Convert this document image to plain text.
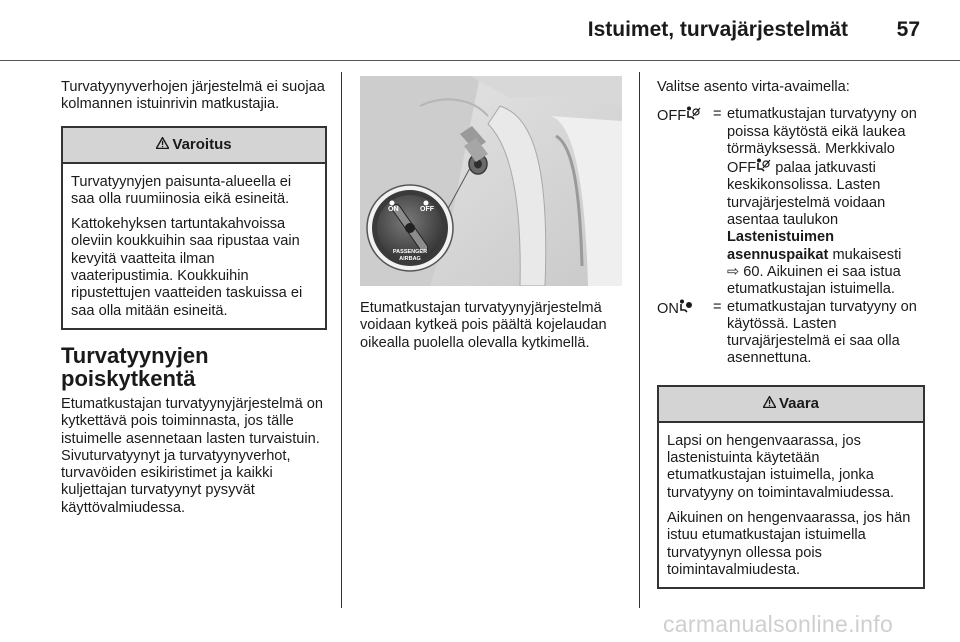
Istuimet, turvajärjestelmät 57

Turvatyynyverhojen järjestelmä ei suojaa kolmannen istuinrivin matkustajia.

Varoitus

Turvatyynyjen paisunta-alueella ei saa olla ruumiinosia eikä esineitä.

Kattokehyksen tartuntakahvoissa oleviin koukkuihin saa ripustaa vain kevyitä vaatteita ilman vaateripustimia. Koukkuihin ripustettujen vaatteiden taskuissa ei saa olla mitään esineitä.

Turvatyynyjen poiskytkentä

Etumatkustajan turvatyynyjärjestelmä on kytkettävä pois toiminnasta, jos tälle istuimelle asennetaan lasten turvaistuin. Sivuturvatyynyt ja turvatyynyverhot, turvavöiden esikiristimet ja kaikki kuljettajan turvatyynyt pysyvät käyttövalmiudessa.

ON	OFF
PASSENGER
AIRBAG

Etumatkustajan turvatyynyjärjestelmä voidaan kytkeä pois päältä kojelaudan oikealla puolella olevalla kytkimellä.

Valitse asento virta-avaimella:

OFF	= etumatkustajan turvatyyny on poissa käytöstä eikä laukea törmäyksessä. Merkkivalo OFF palaa jatkuvasti keskikonsolissa. Lasten turvajärjestelmä voidaan asentaa taulukon Lastenistuimen asennuspaikat mukaisesti ⇨ 60. Aikuinen ei saa istua etumatkustajan istuimella.
ON	= etumatkustajan turvatyyny on käytössä. Lasten turvajärjestelmä ei saa olla asennettuna.
Vaara

Lapsi on hengenvaarassa, jos lastenistuinta käytetään etumatkustajan istuimella, jonka turvatyyny on toimintavalmiudessa.

Aikuinen on hengenvaarassa, jos hän istuu etumatkustajan istuimella turvatyynyn ollessa pois toimintavalmiudesta.

carmanualsonline.info
